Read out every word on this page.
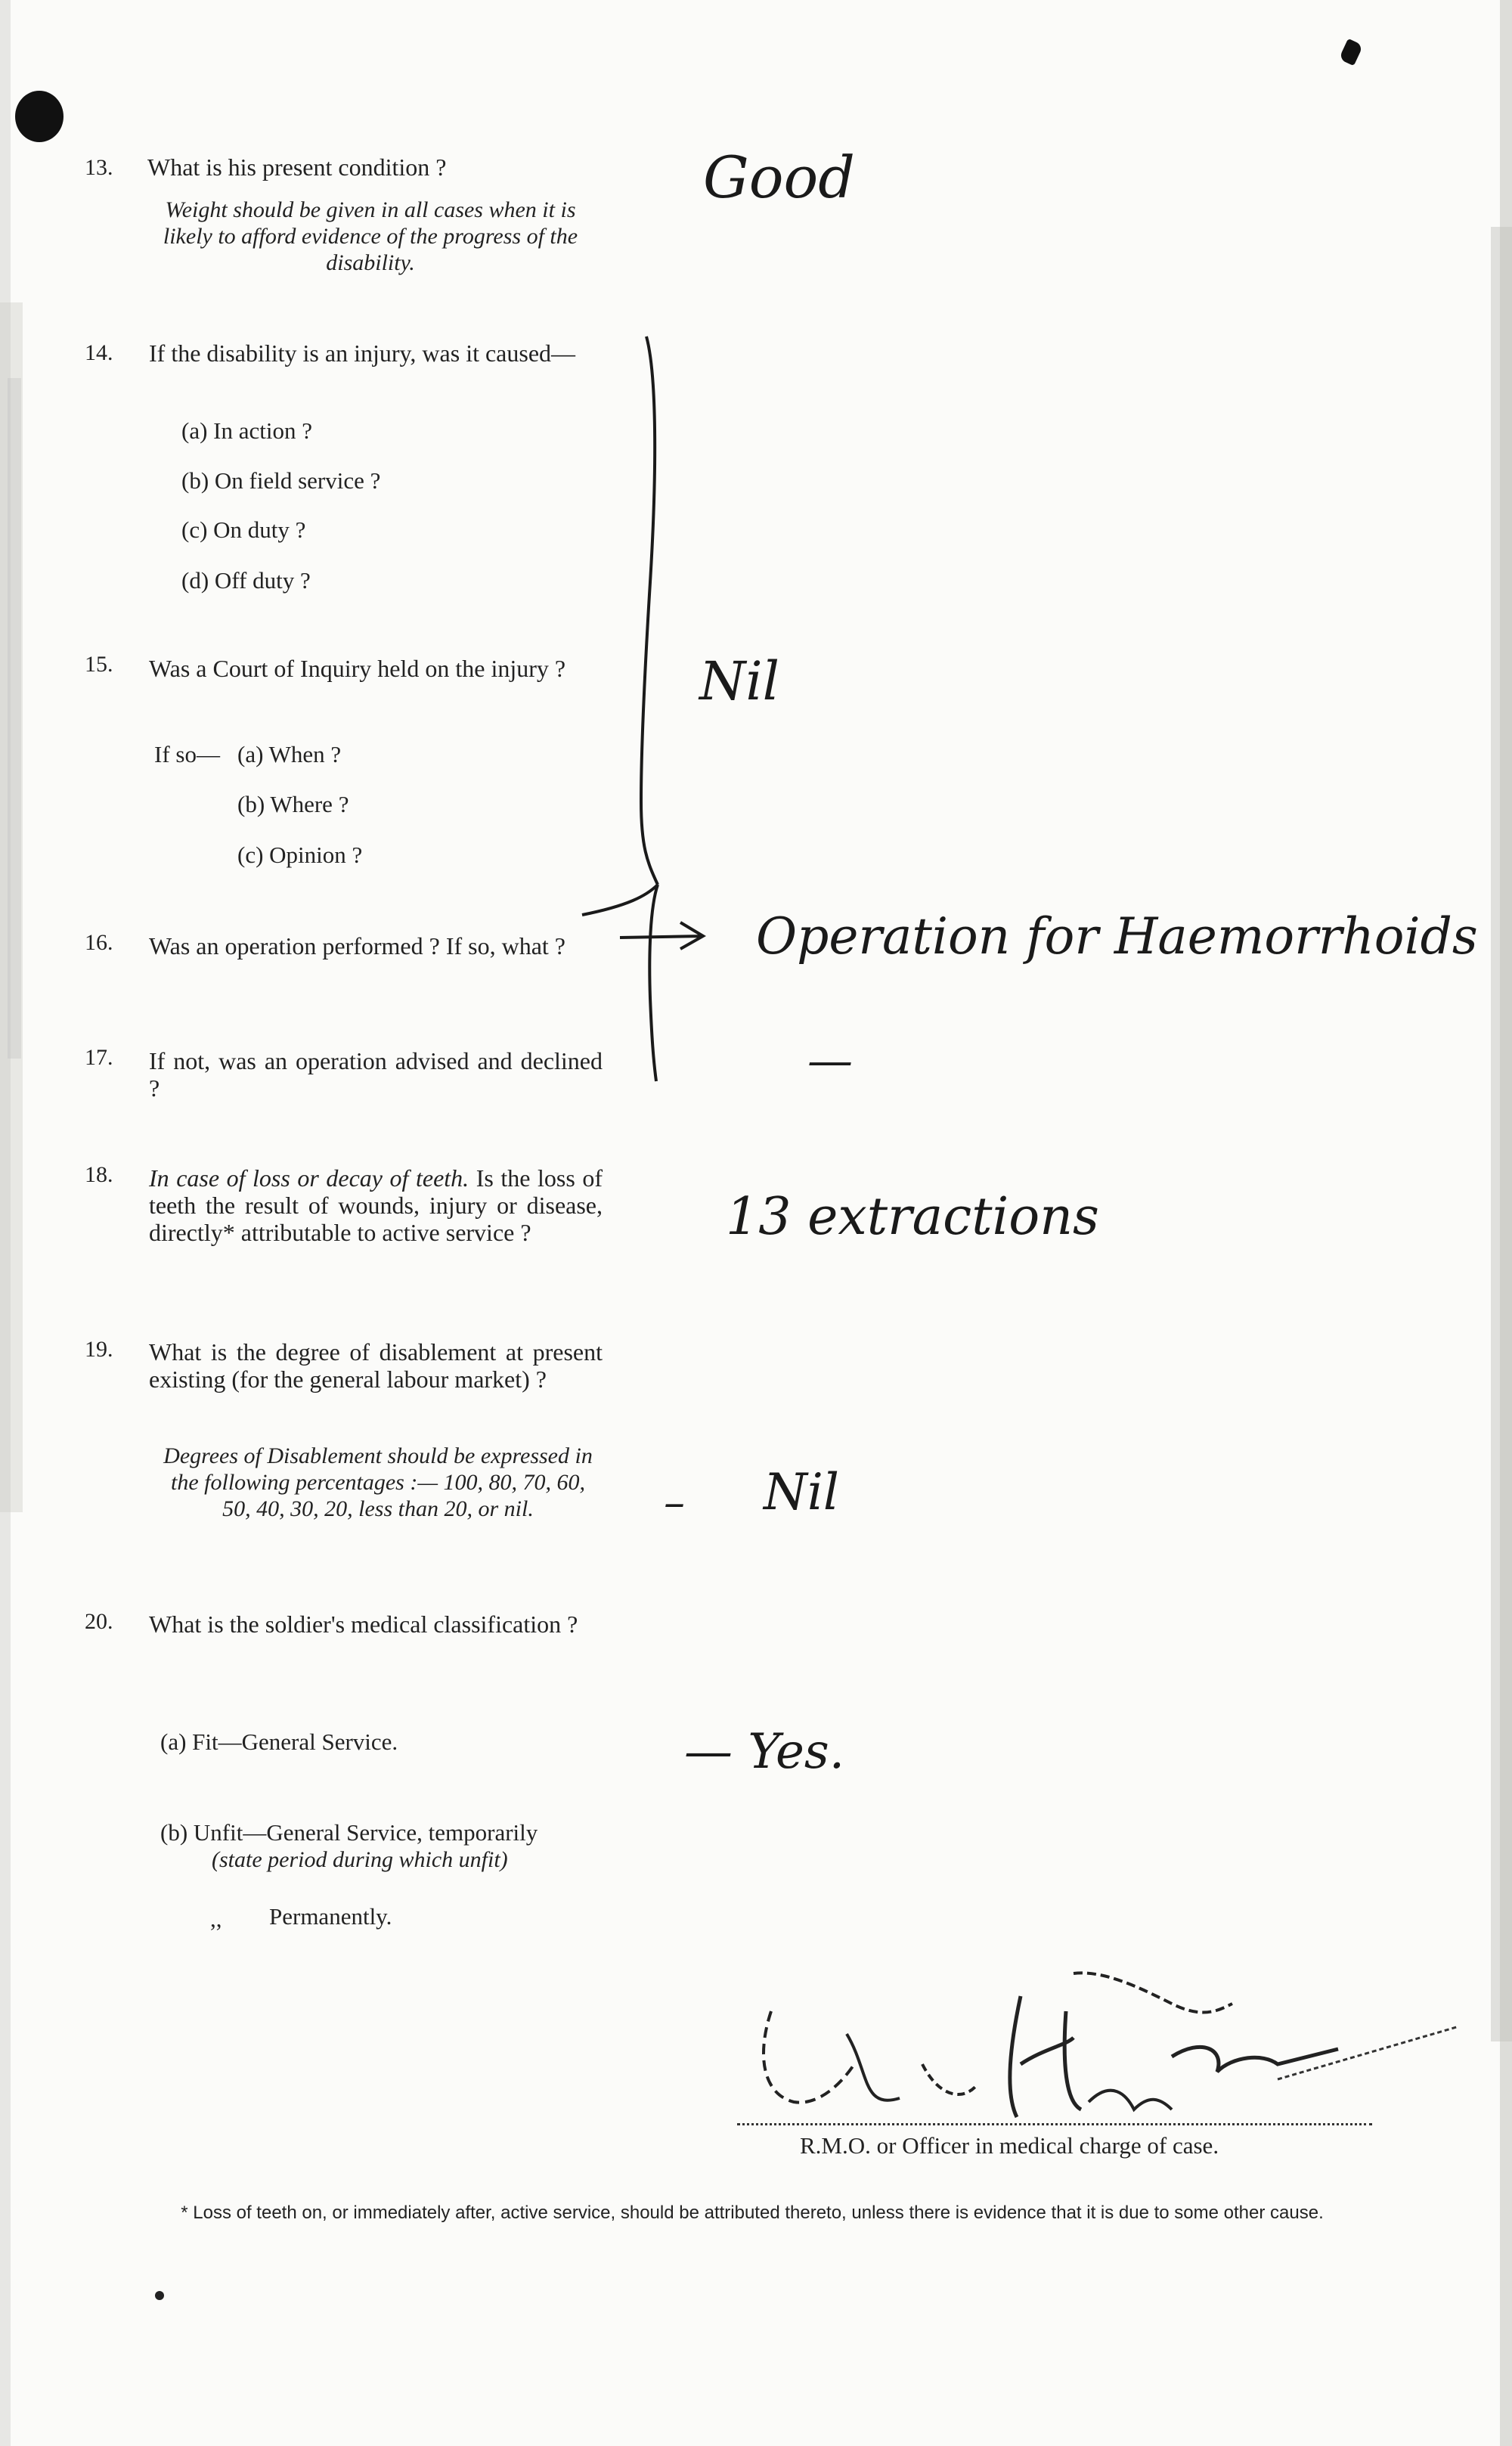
13. What is his present condition ?
Weight should be given in all cases when it is likely to afford evidence of the progress of the disability.
Good
14. If the disability is an injury, was it caused—
(a) In action ?
(b) On field service ?
(c) On duty ?
(d) Off duty ?
15. Was a Court of Inquiry held on the injury ?
If so— (a) When ?
(b) Where ?
(c) Opinion ?
Nil
16. Was an operation performed ? If so, what ?	Operation for Haemorrhoids
17. If not, was an operation advised and declined ?
—
18. In case of loss or decay of teeth. Is the loss of teeth the result of wounds, injury or disease, directly* attributable to active service ?	13 extractions
19. What is the degree of disablement at present existing (for the general labour market) ?
Degrees of Disablement should be expressed in the following percentages :— 100, 80, 70, 60, 50, 40, 30, 20, less than 20, or nil.	– Nil
20. What is the soldier's medical classification ?
(a) Fit—General Service.
(b) Unfit—General Service, temporarily
(state period during which unfit)
,, Permanently.
— Yes.
R.M.O. or Officer in medical charge of case.
* Loss of teeth on, or immediately after, active service, should be attributed thereto, unless there is evidence that it is due to some other cause.
